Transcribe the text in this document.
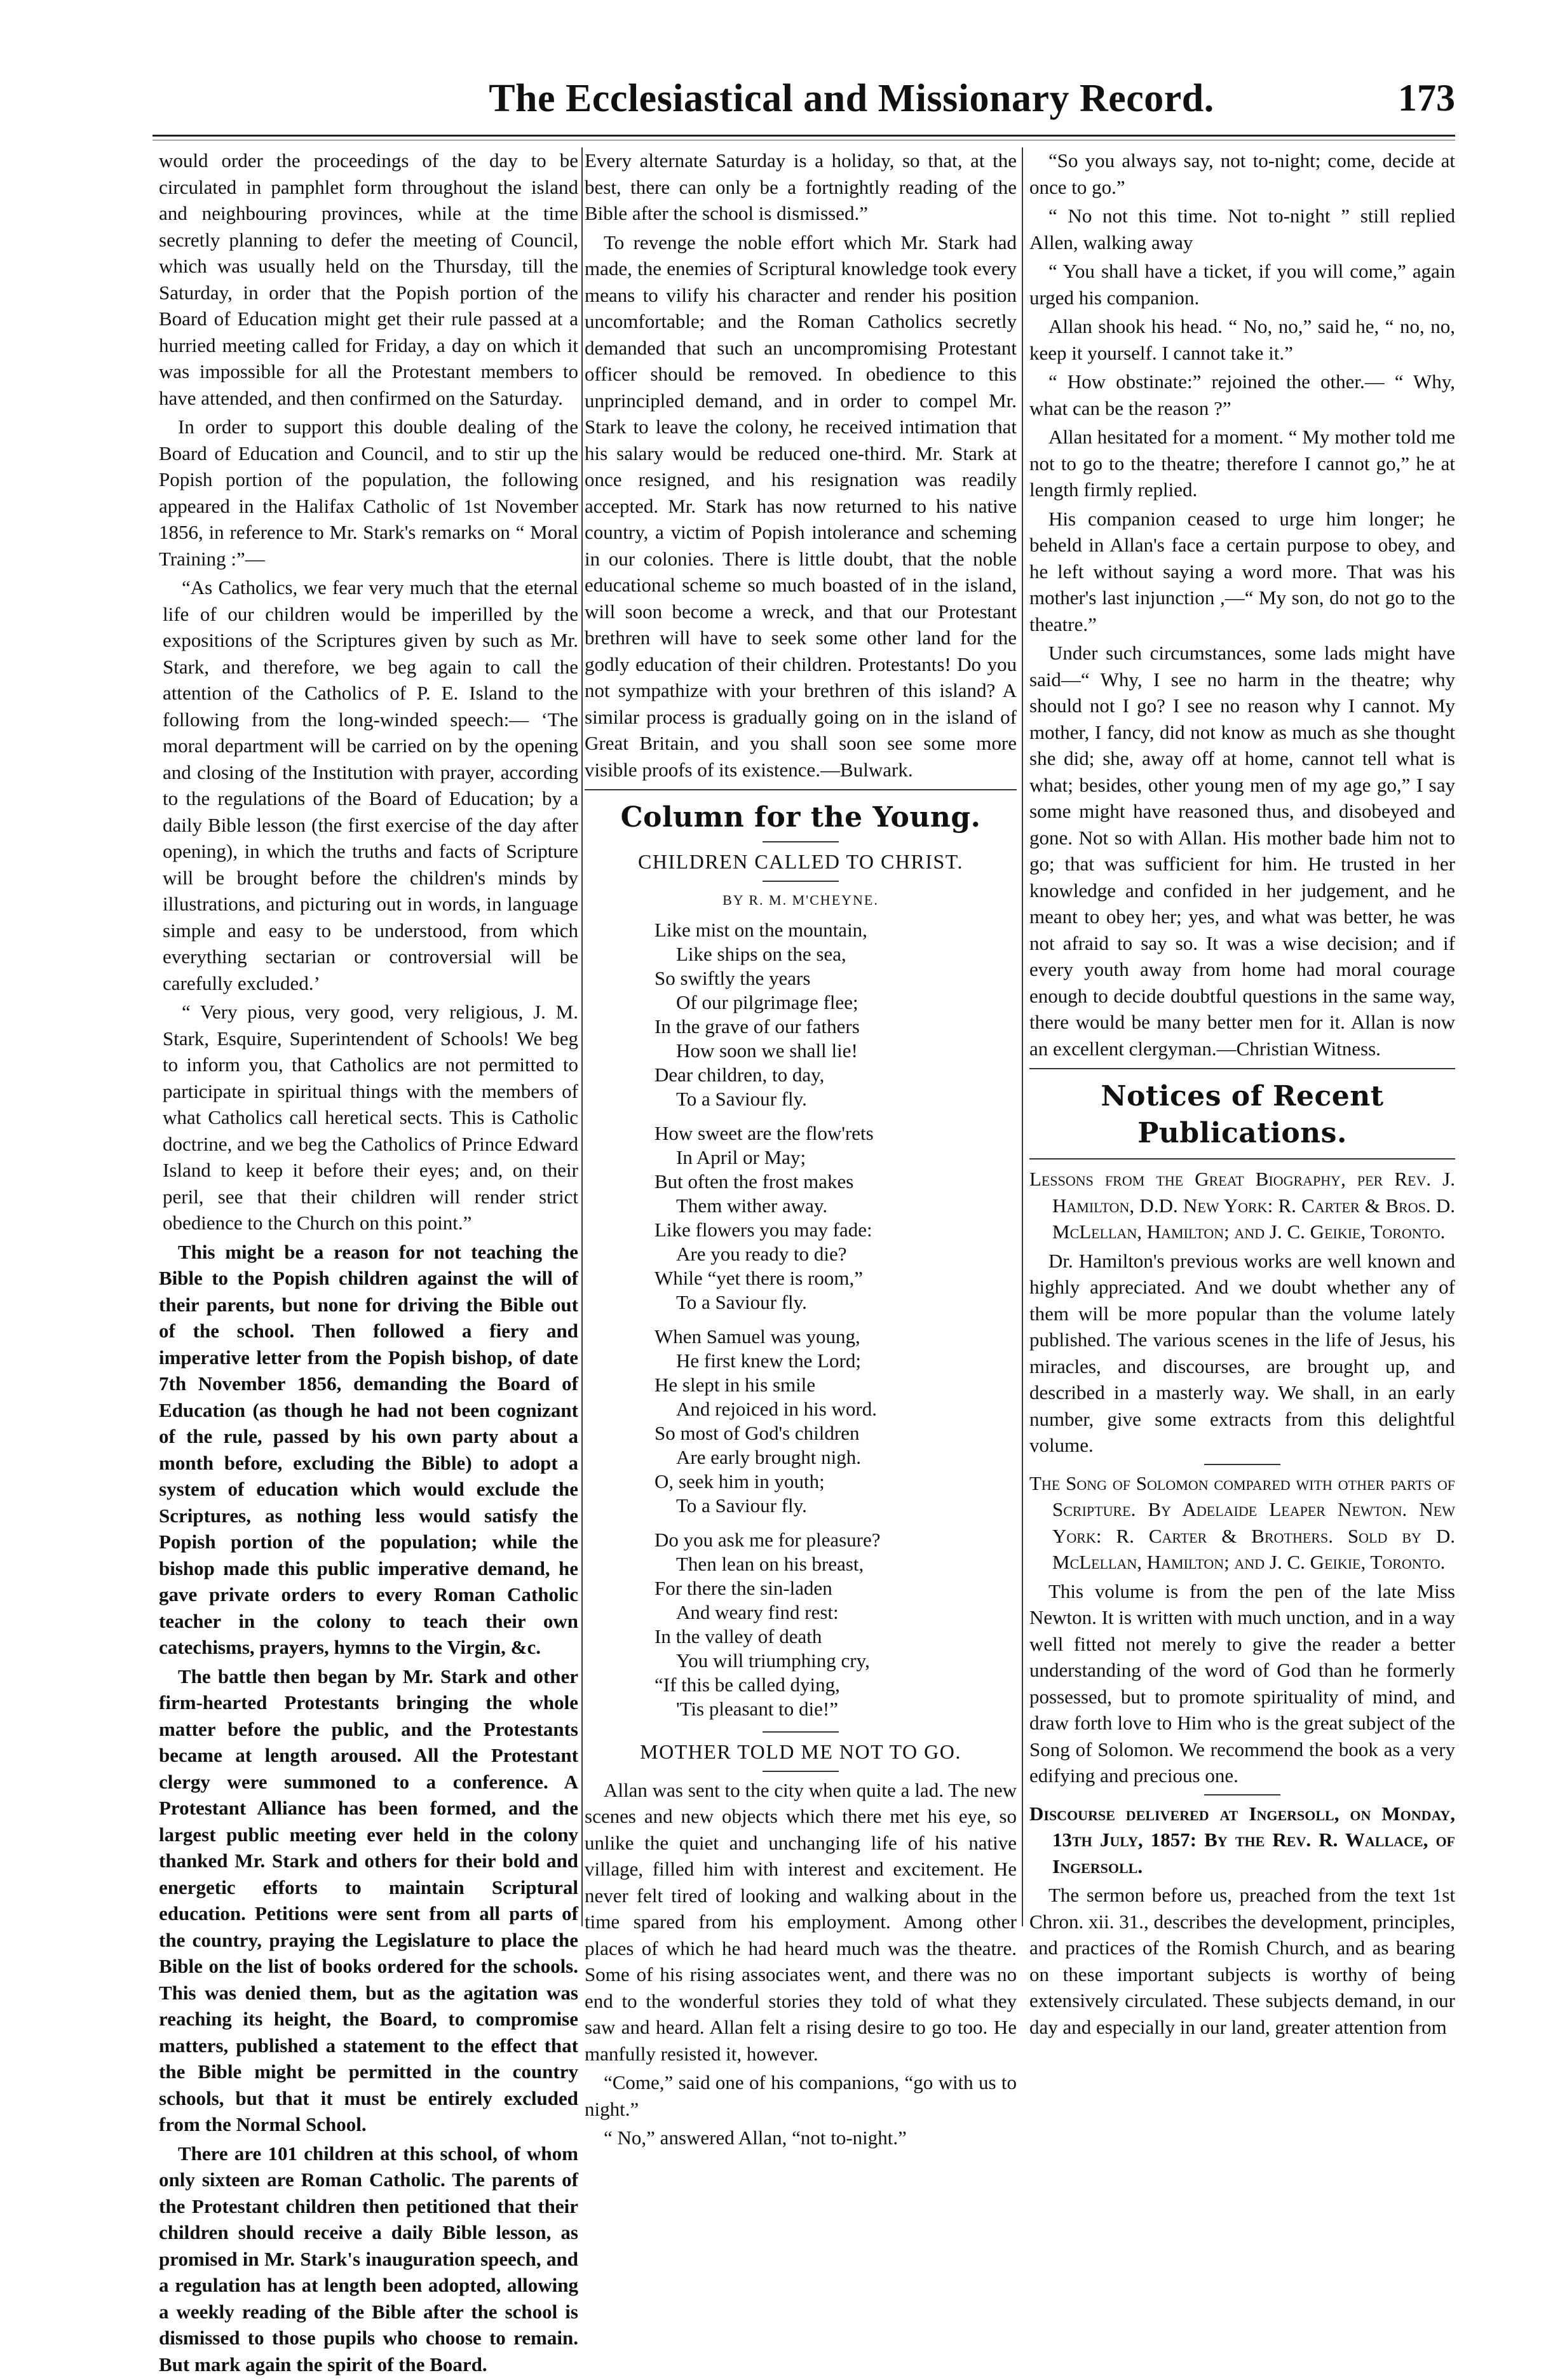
The Ecclesiastical and Missionary Record.	173

would order the proceedings of the day to be circulated in pamphlet form throughout the island and neighbouring provinces, while at the time secretly planning to defer the meeting of Council, which was usually held on the Thursday, till the Saturday, in order that the Popish portion of the Board of Education might get their rule passed at a hurried meeting called for Friday, a day on which it was impossible for all the Protestant members to have attended, and then confirmed on the Saturday.

In order to support this double dealing of the Board of Education and Council, and to stir up the Popish portion of the population, the following appeared in the Halifax Catholic of 1st November 1856, in reference to Mr. Stark's remarks on “ Moral Training :”—

“As Catholics, we fear very much that the eternal life of our children would be imperilled by the expositions of the Scriptures given by such as Mr. Stark, and therefore, we beg again to call the attention of the Catholics of P. E. Island to the following from the long-winded speech:— ‘The moral department will be carried on by the opening and closing of the Institution with prayer, according to the regulations of the Board of Education; by a daily Bible lesson (the first exercise of the day after opening), in which the truths and facts of Scripture will be brought before the children's minds by illustrations, and picturing out in words, in language simple and easy to be understood, from which everything sectarian or controversial will be carefully excluded.’

“ Very pious, very good, very religious, J. M. Stark, Esquire, Superintendent of Schools! We beg to inform you, that Catholics are not permitted to participate in spiritual things with the members of what Catholics call heretical sects. This is Catholic doctrine, and we beg the Catholics of Prince Edward Island to keep it before their eyes; and, on their peril, see that their children will render strict obedience to the Church on this point.”

This might be a reason for not teaching the Bible to the Popish children against the will of their parents, but none for driving the Bible out of the school. Then followed a fiery and imperative letter from the Popish bishop, of date 7th November 1856, demanding the Board of Education (as though he had not been cognizant of the rule, passed by his own party about a month before, excluding the Bible) to adopt a system of education which would exclude the Scriptures, as nothing less would satisfy the Popish portion of the population; while the bishop made this public imperative demand, he gave private orders to every Roman Catholic teacher in the colony to teach their own catechisms, prayers, hymns to the Virgin, &c.

The battle then began by Mr. Stark and other firm-hearted Protestants bringing the whole matter before the public, and the Protestants became at length aroused. All the Protestant clergy were summoned to a conference. A Protestant Alliance has been formed, and the largest public meeting ever held in the colony thanked Mr. Stark and others for their bold and energetic efforts to maintain Scriptural education. Petitions were sent from all parts of the country, praying the Legislature to place the Bible on the list of books ordered for the schools. This was denied them, but as the agitation was reaching its height, the Board, to compromise matters, published a statement to the effect that the Bible might be permitted in the country schools, but that it must be entirely excluded from the Normal School.

There are 101 children at this school, of whom only sixteen are Roman Catholic. The parents of the Protestant children then petitioned that their children should receive a daily Bible lesson, as promised in Mr. Stark's inauguration speech, and a regulation has at length been adopted, allowing a weekly reading of the Bible after the school is dismissed to those pupils who choose to remain. But mark again the spirit of the Board.

Every alternate Saturday is a holiday, so that, at the best, there can only be a fortnightly reading of the Bible after the school is dismissed.”

To revenge the noble effort which Mr. Stark had made, the enemies of Scriptural knowledge took every means to vilify his character and render his position uncomfortable; and the Roman Catholics secretly demanded that such an uncompromising Protestant officer should be removed. In obedience to this unprincipled demand, and in order to compel Mr. Stark to leave the colony, he received intimation that his salary would be reduced one-third. Mr. Stark at once resigned, and his resignation was readily accepted. Mr. Stark has now returned to his native country, a victim of Popish intolerance and scheming in our colonies. There is little doubt, that the noble educational scheme so much boasted of in the island, will soon become a wreck, and that our Protestant brethren will have to seek some other land for the godly education of their children. Protestants! Do you not sympathize with your brethren of this island? A similar process is gradually going on in the island of Great Britain, and you shall soon see some more visible proofs of its existence.—Bulwark.

Column for the Young.
CHILDREN CALLED TO CHRIST.
BY R. M. M'CHEYNE.
Like mist on the mountain,
Like ships on the sea,
So swiftly the years
Of our pilgrimage flee;
In the grave of our fathers
How soon we shall lie!
Dear children, to day,
To a Saviour fly.
How sweet are the flow'rets
In April or May;
But often the frost makes
Them wither away.
Like flowers you may fade:
Are you ready to die?
While “yet there is room,”
To a Saviour fly.
When Samuel was young,
He first knew the Lord;
He slept in his smile
And rejoiced in his word.
So most of God's children
Are early brought nigh.
O, seek him in youth;
To a Saviour fly.
Do you ask me for pleasure?
Then lean on his breast,
For there the sin-laden
And weary find rest:
In the valley of death
You will triumphing cry,
“If this be called dying,
'Tis pleasant to die!”
MOTHER TOLD ME NOT TO GO.

Allan was sent to the city when quite a lad. The new scenes and new objects which there met his eye, so unlike the quiet and unchanging life of his native village, filled him with interest and excitement. He never felt tired of looking and walking about in the time spared from his employment. Among other places of which he had heard much was the theatre. Some of his rising associates went, and there was no end to the wonderful stories they told of what they saw and heard. Allan felt a rising desire to go too. He manfully resisted it, however.

“Come,” said one of his companions, “go with us to night.”

“ No,” answered Allan, “not to-night.”

“So you always say, not to-night; come, decide at once to go.”

“ No not this time. Not to-night ” still replied Allen, walking away

“ You shall have a ticket, if you will come,” again urged his companion.

Allan shook his head. “ No, no,” said he, “ no, no, keep it yourself. I cannot take it.”

“ How obstinate:” rejoined the other.— “ Why, what can be the reason ?”

Allan hesitated for a moment. “ My mother told me not to go to the theatre; therefore I cannot go,” he at length firmly replied.

His companion ceased to urge him longer; he beheld in Allan's face a certain purpose to obey, and he left without saying a word more. That was his mother's last injunction ,—“ My son, do not go to the theatre.”

Under such circumstances, some lads might have said—“ Why, I see no harm in the theatre; why should not I go? I see no reason why I cannot. My mother, I fancy, did not know as much as she thought she did; she, away off at home, cannot tell what is what; besides, other young men of my age go,” I say some might have reasoned thus, and disobeyed and gone. Not so with Allan. His mother bade him not to go; that was sufficient for him. He trusted in her knowledge and confided in her judgement, and he meant to obey her; yes, and what was better, he was not afraid to say so. It was a wise decision; and if every youth away from home had moral courage enough to decide doubtful questions in the same way, there would be many better men for it. Allan is now an excellent clergyman.—Christian Witness.

Notices of Recent Publications.

Lessons from the Great Biography, per Rev. J. Hamilton, D.D. New York: R. Carter & Bros. D. McLellan, Hamilton; and J. C. Geikie, Toronto.

Dr. Hamilton's previous works are well known and highly appreciated. And we doubt whether any of them will be more popular than the volume lately published. The various scenes in the life of Jesus, his miracles, and discourses, are brought up, and described in a masterly way. We shall, in an early number, give some extracts from this delightful volume.

The Song of Solomon compared with other parts of Scripture. By Adelaide Leaper Newton. New York: R. Carter & Brothers. Sold by D. McLellan, Hamilton; and J. C. Geikie, Toronto.

This volume is from the pen of the late Miss Newton. It is written with much unction, and in a way well fitted not merely to give the reader a better understanding of the word of God than he formerly possessed, but to promote spirituality of mind, and draw forth love to Him who is the great subject of the Song of Solomon. We recommend the book as a very edifying and precious one.

Discourse delivered at Ingersoll, on Monday, 13th July, 1857: By the Rev. R. Wallace, of Ingersoll.

The sermon before us, preached from the text 1st Chron. xii. 31., describes the development, principles, and practices of the Romish Church, and as bearing on these important subjects is worthy of being extensively circulated. These subjects demand, in our day and especially in our land, greater attention from
